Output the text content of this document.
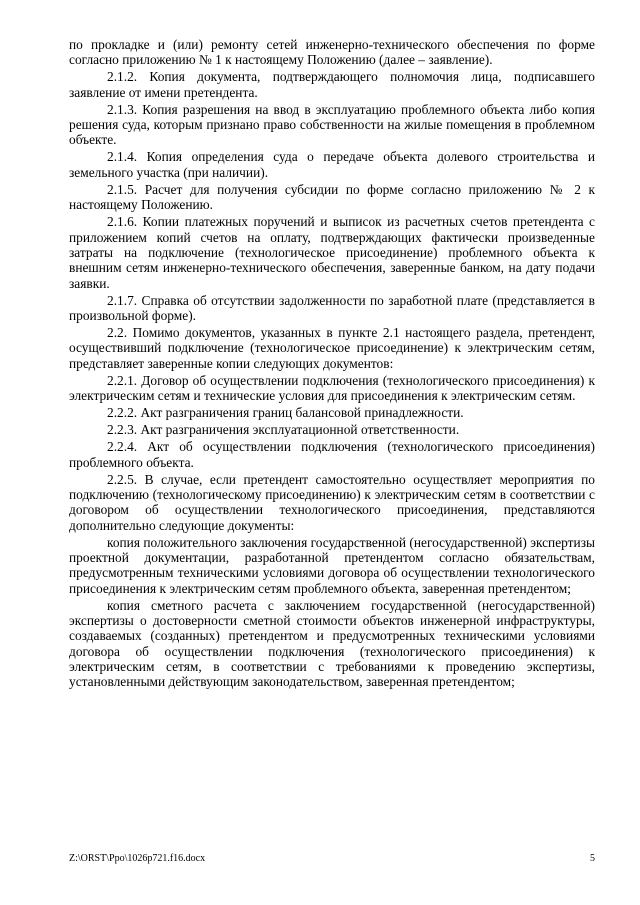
по прокладке и (или) ремонту сетей инженерно-технического обеспечения по форме согласно приложению № 1 к настоящему Положению (далее – заявление).

2.1.2. Копия документа, подтверждающего полномочия лица, подписавшего заявление от имени претендента.

2.1.3. Копия разрешения на ввод в эксплуатацию проблемного объекта либо копия решения суда, которым признано право собственности на жилые помещения в проблемном объекте.

2.1.4. Копия определения суда о передаче объекта долевого строительства и земельного участка (при наличии).

2.1.5. Расчет для получения субсидии по форме согласно приложению № 2 к настоящему Положению.

2.1.6. Копии платежных поручений и выписок из расчетных счетов претендента с приложением копий счетов на оплату, подтверждающих фактически произведенные затраты на подключение (технологическое присоединение) проблемного объекта к внешним сетям инженерно-технического обеспечения, заверенные банком, на дату подачи заявки.

2.1.7. Справка об отсутствии задолженности по заработной плате (представляется в произвольной форме).

2.2. Помимо документов, указанных в пункте 2.1 настоящего раздела, претендент, осуществивший подключение (технологическое присоединение) к электрическим сетям, представляет заверенные копии следующих документов:

2.2.1. Договор об осуществлении подключения (технологического присоединения) к электрическим сетям и технические условия для присоединения к электрическим сетям.

2.2.2. Акт разграничения границ балансовой принадлежности.

2.2.3. Акт разграничения эксплуатационной ответственности.

2.2.4. Акт об осуществлении подключения (технологического присоединения) проблемного объекта.

2.2.5. В случае, если претендент самостоятельно осуществляет мероприятия по подключению (технологическому присоединению) к электрическим сетям в соответствии с договором об осуществлении технологического присоединения, представляются дополнительно следующие документы:

копия положительного заключения государственной (негосударственной) экспертизы проектной документации, разработанной претендентом согласно обязательствам, предусмотренным техническими условиями договора об осуществлении технологического присоединения к электрическим сетям проблемного объекта, заверенная претендентом;

копия сметного расчета с заключением государственной (негосударственной) экспертизы о достоверности сметной стоимости объектов инженерной инфраструктуры, создаваемых (созданных) претендентом и предусмотренных техническими условиями договора об осуществлении подключения (технологического присоединения) к электрическим сетям, в соответствии с требованиями к проведению экспертизы, установленными действующим законодательством, заверенная претендентом;

Z:\ORST\Ppo\1026p721.f16.docx	5
